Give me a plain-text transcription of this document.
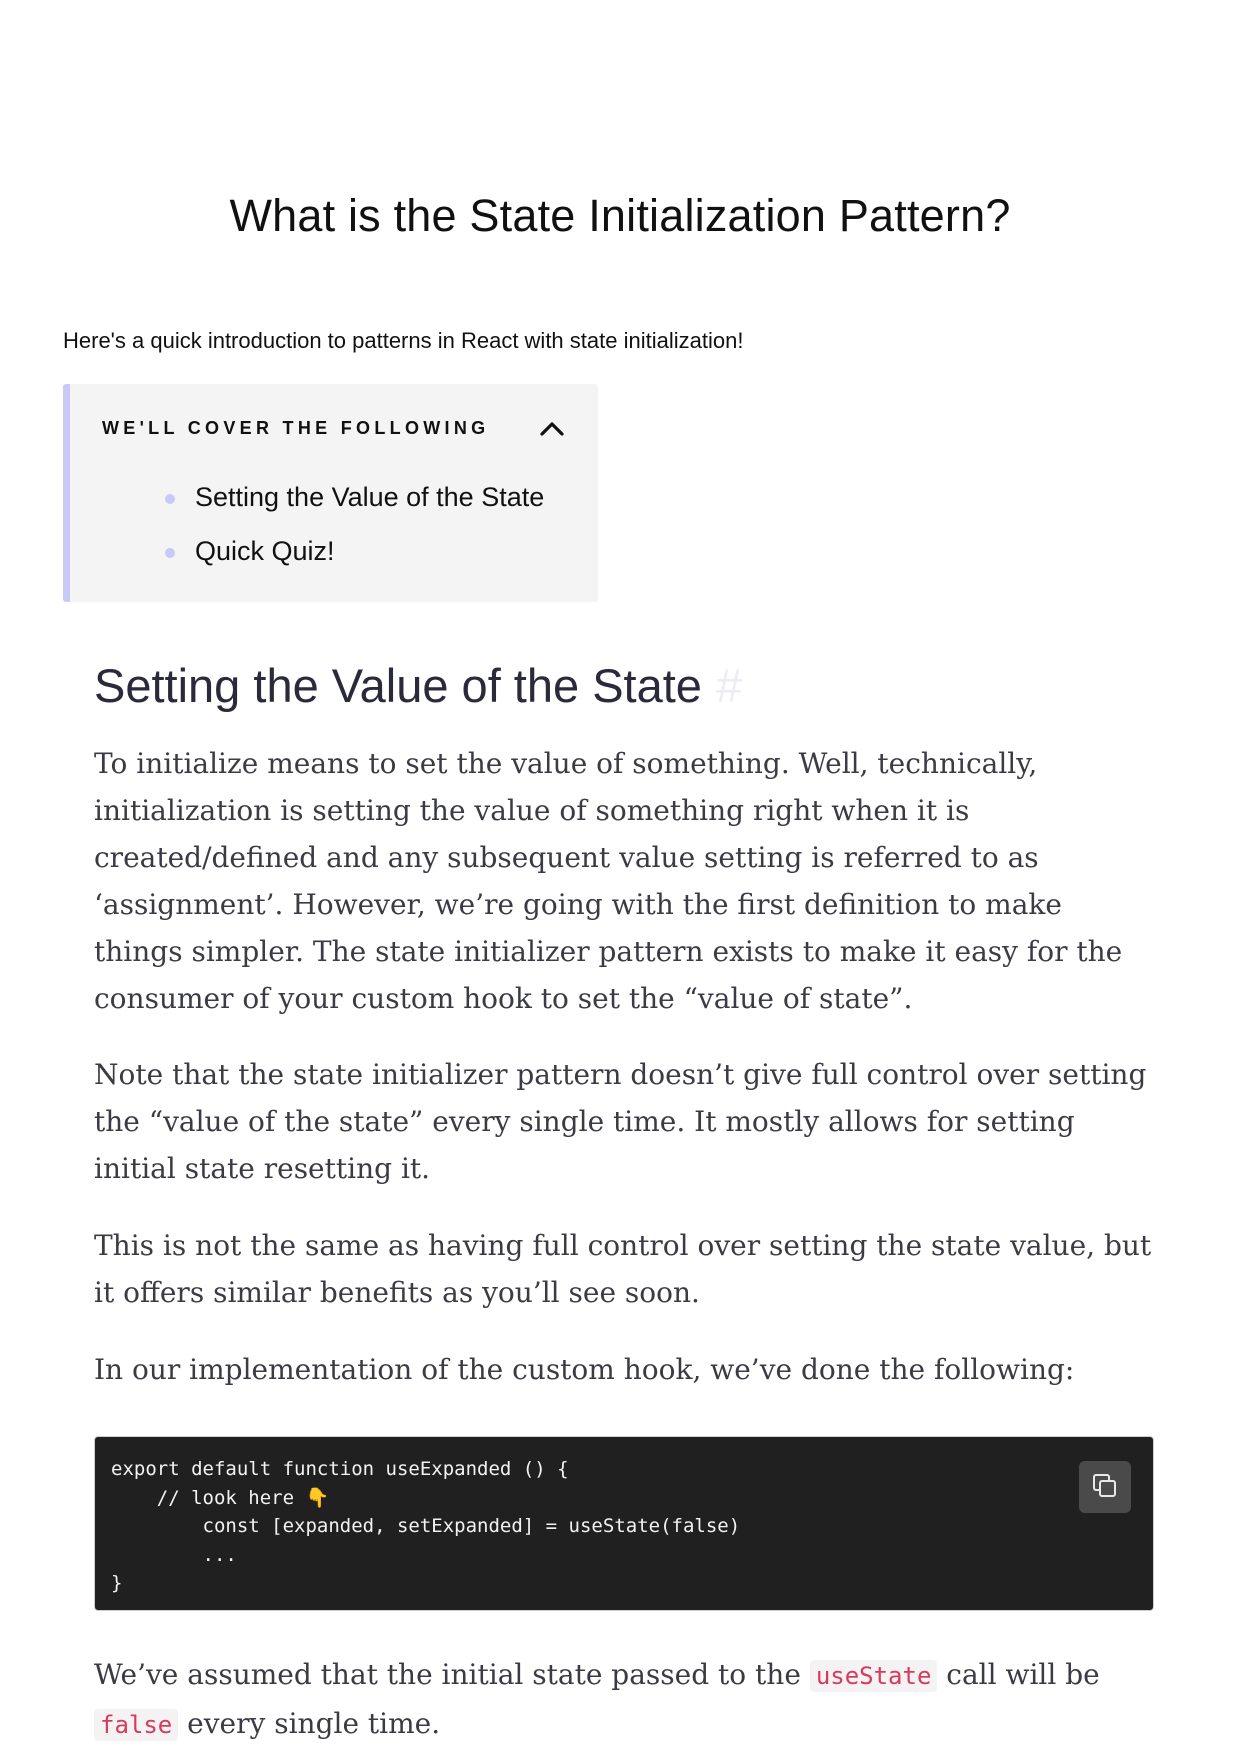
What is the State Initialization Pattern?

Here's a quick introduction to patterns in React with state initialization!

WE'LL COVER THE FOLLOWING
Setting the Value of the State
Quick Quiz!
Setting the Value of the State #

To initialize means to set the value of something. Well, technically, initialization is setting the value of something right when it is created/defined and any subsequent value setting is referred to as ‘assignment’. However, we’re going with the first definition to make things simpler. The state initializer pattern exists to make it easy for the consumer of your custom hook to set the “value of state”.

Note that the state initializer pattern doesn’t give full control over setting the “value of the state” every single time. It mostly allows for setting initial state resetting it.

This is not the same as having full control over setting the state value, but it offers similar benefits as you’ll see soon.

In our implementation of the custom hook, we’ve done the following:

export default function useExpanded () {
// look here 👇
const [expanded, setExpanded] = useState(false)
...
}

We’ve assumed that the initial state passed to the useState call will be false every single time.
